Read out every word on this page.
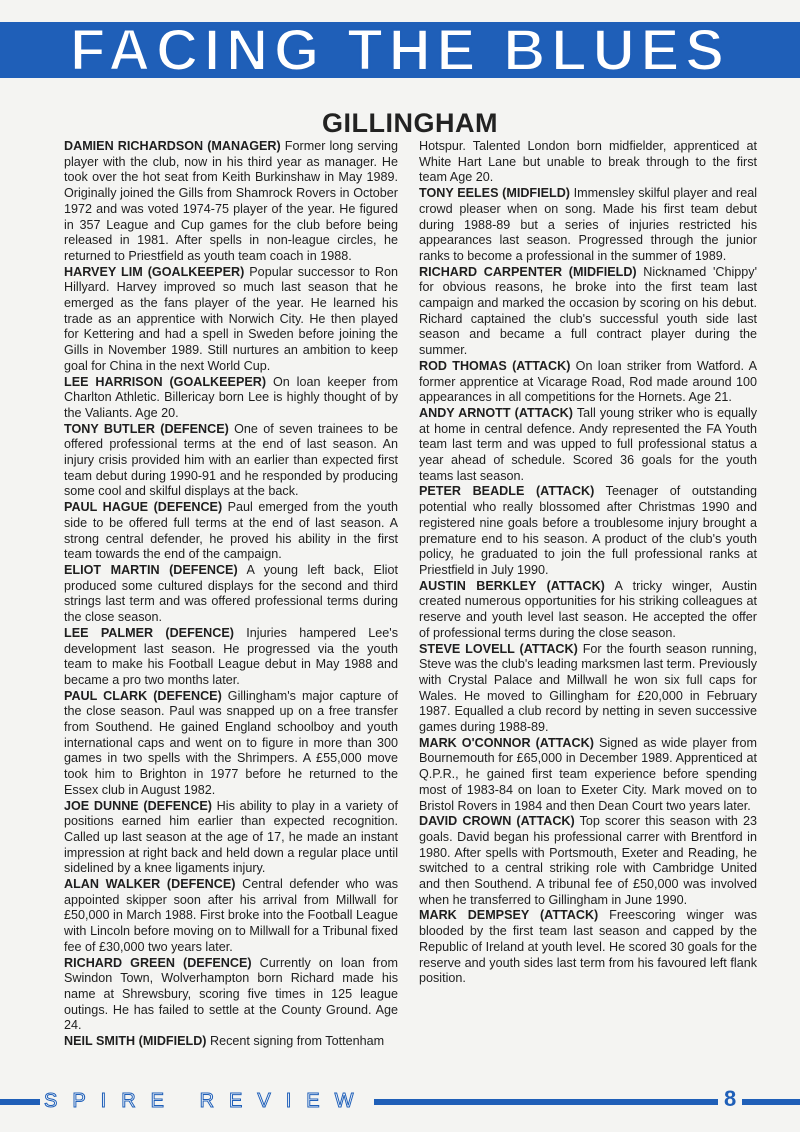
FACING THE BLUES
GILLINGHAM

DAMIEN RICHARDSON (MANAGER) Former long serving player with the club, now in his third year as manager. He took over the hot seat from Keith Burkinshaw in May 1989. Originally joined the Gills from Shamrock Rovers in October 1972 and was voted 1974-75 player of the year. He figured in 357 League and Cup games for the club before being released in 1981. After spells in non-league circles, he returned to Priestfield as youth team coach in 1988.

HARVEY LIM (GOALKEEPER) Popular successor to Ron Hillyard. Harvey improved so much last season that he emerged as the fans player of the year. He learned his trade as an apprentice with Norwich City. He then played for Kettering and had a spell in Sweden before joining the Gills in November 1989. Still nurtures an ambition to keep goal for China in the next World Cup.

LEE HARRISON (GOALKEEPER) On loan keeper from Charlton Athletic. Billericay born Lee is highly thought of by the Valiants. Age 20.

TONY BUTLER (DEFENCE) One of seven trainees to be offered professional terms at the end of last season. An injury crisis provided him with an earlier than expected first team debut during 1990-91 and he responded by producing some cool and skilful displays at the back.

PAUL HAGUE (DEFENCE) Paul emerged from the youth side to be offered full terms at the end of last season. A strong central defender, he proved his ability in the first team towards the end of the campaign.

ELIOT MARTIN (DEFENCE) A young left back, Eliot produced some cultured displays for the second and third strings last term and was offered professional terms during the close season.

LEE PALMER (DEFENCE) Injuries hampered Lee's development last season. He progressed via the youth team to make his Football League debut in May 1988 and became a pro two months later.

PAUL CLARK (DEFENCE) Gillingham's major capture of the close season. Paul was snapped up on a free transfer from Southend. He gained England schoolboy and youth international caps and went on to figure in more than 300 games in two spells with the Shrimpers. A £55,000 move took him to Brighton in 1977 before he returned to the Essex club in August 1982.

JOE DUNNE (DEFENCE) His ability to play in a variety of positions earned him earlier than expected recognition. Called up last season at the age of 17, he made an instant impression at right back and held down a regular place until sidelined by a knee ligaments injury.

ALAN WALKER (DEFENCE) Central defender who was appointed skipper soon after his arrival from Millwall for £50,000 in March 1988. First broke into the Football League with Lincoln before moving on to Millwall for a Tribunal fixed fee of £30,000 two years later.

RICHARD GREEN (DEFENCE) Currently on loan from Swindon Town, Wolverhampton born Richard made his name at Shrewsbury, scoring five times in 125 league outings. He has failed to settle at the County Ground. Age 24.

NEIL SMITH (MIDFIELD) Recent signing from Tottenham

Hotspur. Talented London born midfielder, apprenticed at White Hart Lane but unable to break through to the first team Age 20.

TONY EELES (MIDFIELD) Immensley skilful player and real crowd pleaser when on song. Made his first team debut during 1988-89 but a series of injuries restricted his appearances last season. Progressed through the junior ranks to become a professional in the summer of 1989.

RICHARD CARPENTER (MIDFIELD) Nicknamed 'Chippy' for obvious reasons, he broke into the first team last campaign and marked the occasion by scoring on his debut. Richard captained the club's successful youth side last season and became a full contract player during the summer.

ROD THOMAS (ATTACK) On loan striker from Watford. A former apprentice at Vicarage Road, Rod made around 100 appearances in all competitions for the Hornets. Age 21.

ANDY ARNOTT (ATTACK) Tall young striker who is equally at home in central defence. Andy represented the FA Youth team last term and was upped to full professional status a year ahead of schedule. Scored 36 goals for the youth teams last season.

PETER BEADLE (ATTACK) Teenager of outstanding potential who really blossomed after Christmas 1990 and registered nine goals before a troublesome injury brought a premature end to his season. A product of the club's youth policy, he graduated to join the full professional ranks at Priestfield in July 1990.

AUSTIN BERKLEY (ATTACK) A tricky winger, Austin created numerous opportunities for his striking colleagues at reserve and youth level last season. He accepted the offer of professional terms during the close season.

STEVE LOVELL (ATTACK) For the fourth season running, Steve was the club's leading marksmen last term. Previously with Crystal Palace and Millwall he won six full caps for Wales. He moved to Gillingham for £20,000 in February 1987. Equalled a club record by netting in seven successive games during 1988-89.

MARK O'CONNOR (ATTACK) Signed as wide player from Bournemouth for £65,000 in December 1989. Apprenticed at Q.P.R., he gained first team experience before spending most of 1983-84 on loan to Exeter City. Mark moved on to Bristol Rovers in 1984 and then Dean Court two years later.

DAVID CROWN (ATTACK) Top scorer this season with 23 goals. David began his professional carrer with Brentford in 1980. After spells with Portsmouth, Exeter and Reading, he switched to a central striking role with Cambridge United and then Southend. A tribunal fee of £50,000 was involved when he transferred to Gillingham in June 1990.

MARK DEMPSEY (ATTACK) Freescoring winger was blooded by the first team last season and capped by the Republic of Ireland at youth level. He scored 30 goals for the reserve and youth sides last term from his favoured left flank position.

SPIRE REVIEW	8
